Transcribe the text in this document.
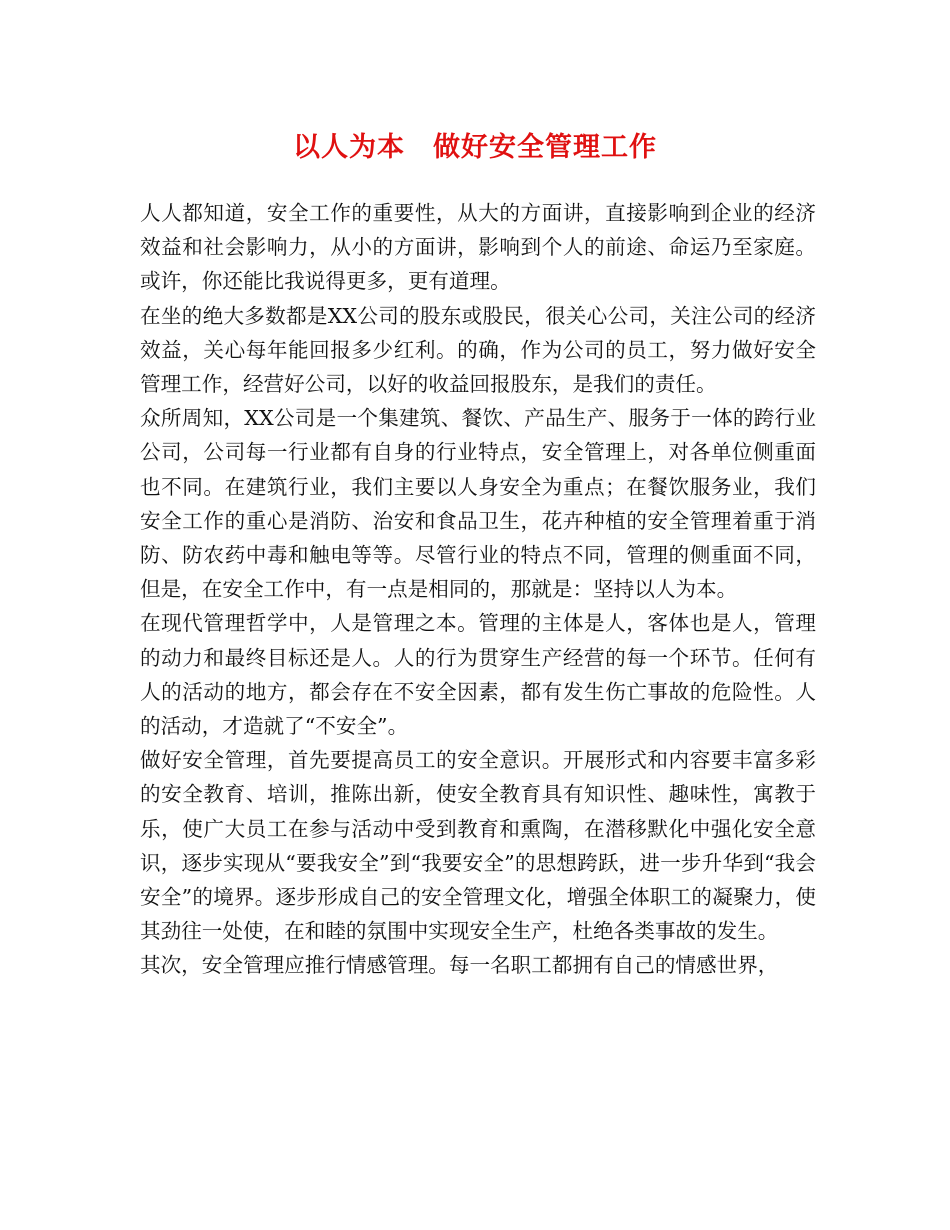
以人为本　做好安全管理工作

人人都知道，安全工作的重要性，从大的方面讲，直接影响到企业的经济效益和社会影响力，从小的方面讲，影响到个人的前途、命运乃至家庭。或许，你还能比我说得更多，更有道理。

在坐的绝大多数都是XX公司的股东或股民，很关心公司，关注公司的经济效益，关心每年能回报多少红利。的确，作为公司的员工，努力做好安全管理工作，经营好公司，以好的收益回报股东，是我们的责任。

众所周知，XX公司是一个集建筑、餐饮、产品生产、服务于一体的跨行业公司，公司每一行业都有自身的行业特点，安全管理上，对各单位侧重面也不同。在建筑行业，我们主要以人身安全为重点；在餐饮服务业，我们安全工作的重心是消防、治安和食品卫生，花卉种植的安全管理着重于消防、防农药中毒和触电等等。尽管行业的特点不同，管理的侧重面不同，但是，在安全工作中，有一点是相同的，那就是：坚持以人为本。

在现代管理哲学中，人是管理之本。管理的主体是人，客体也是人，管理的动力和最终目标还是人。人的行为贯穿生产经营的每一个环节。任何有人的活动的地方，都会存在不安全因素，都有发生伤亡事故的危险性。人的活动，才造就了“不安全”。

做好安全管理，首先要提高员工的安全意识。开展形式和内容要丰富多彩的安全教育、培训，推陈出新，使安全教育具有知识性、趣味性，寓教于乐，使广大员工在参与活动中受到教育和熏陶，在潜移默化中强化安全意识，逐步实现从“要我安全”到“我要安全”的思想跨跃，进一步升华到“我会安全”的境界。逐步形成自己的安全管理文化，增强全体职工的凝聚力，使其劲往一处使，在和睦的氛围中实现安全生产，杜绝各类事故的发生。

其次，安全管理应推行情感管理。每一名职工都拥有自己的情感世界，
